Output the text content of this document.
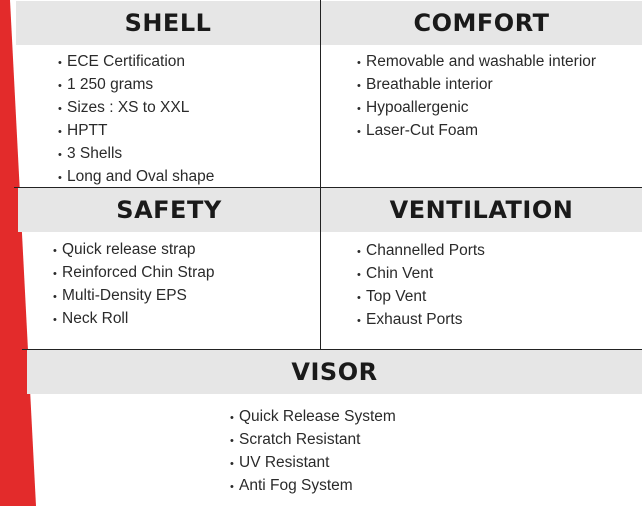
SHELL
• ECE Certification
• 1 250 grams
• Sizes : XS to XXL
• HPTT
• 3 Shells
• Long and Oval shape
COMFORT
• Removable and washable interior
• Breathable interior
• Hypoallergenic
• Laser-Cut Foam
SAFETY
• Quick release strap
• Reinforced Chin Strap
• Multi-Density EPS
• Neck Roll
VENTILATION
• Channelled Ports
• Chin Vent
• Top Vent
• Exhaust Ports
VISOR
• Quick Release System
• Scratch Resistant
• UV Resistant
• Anti Fog System
